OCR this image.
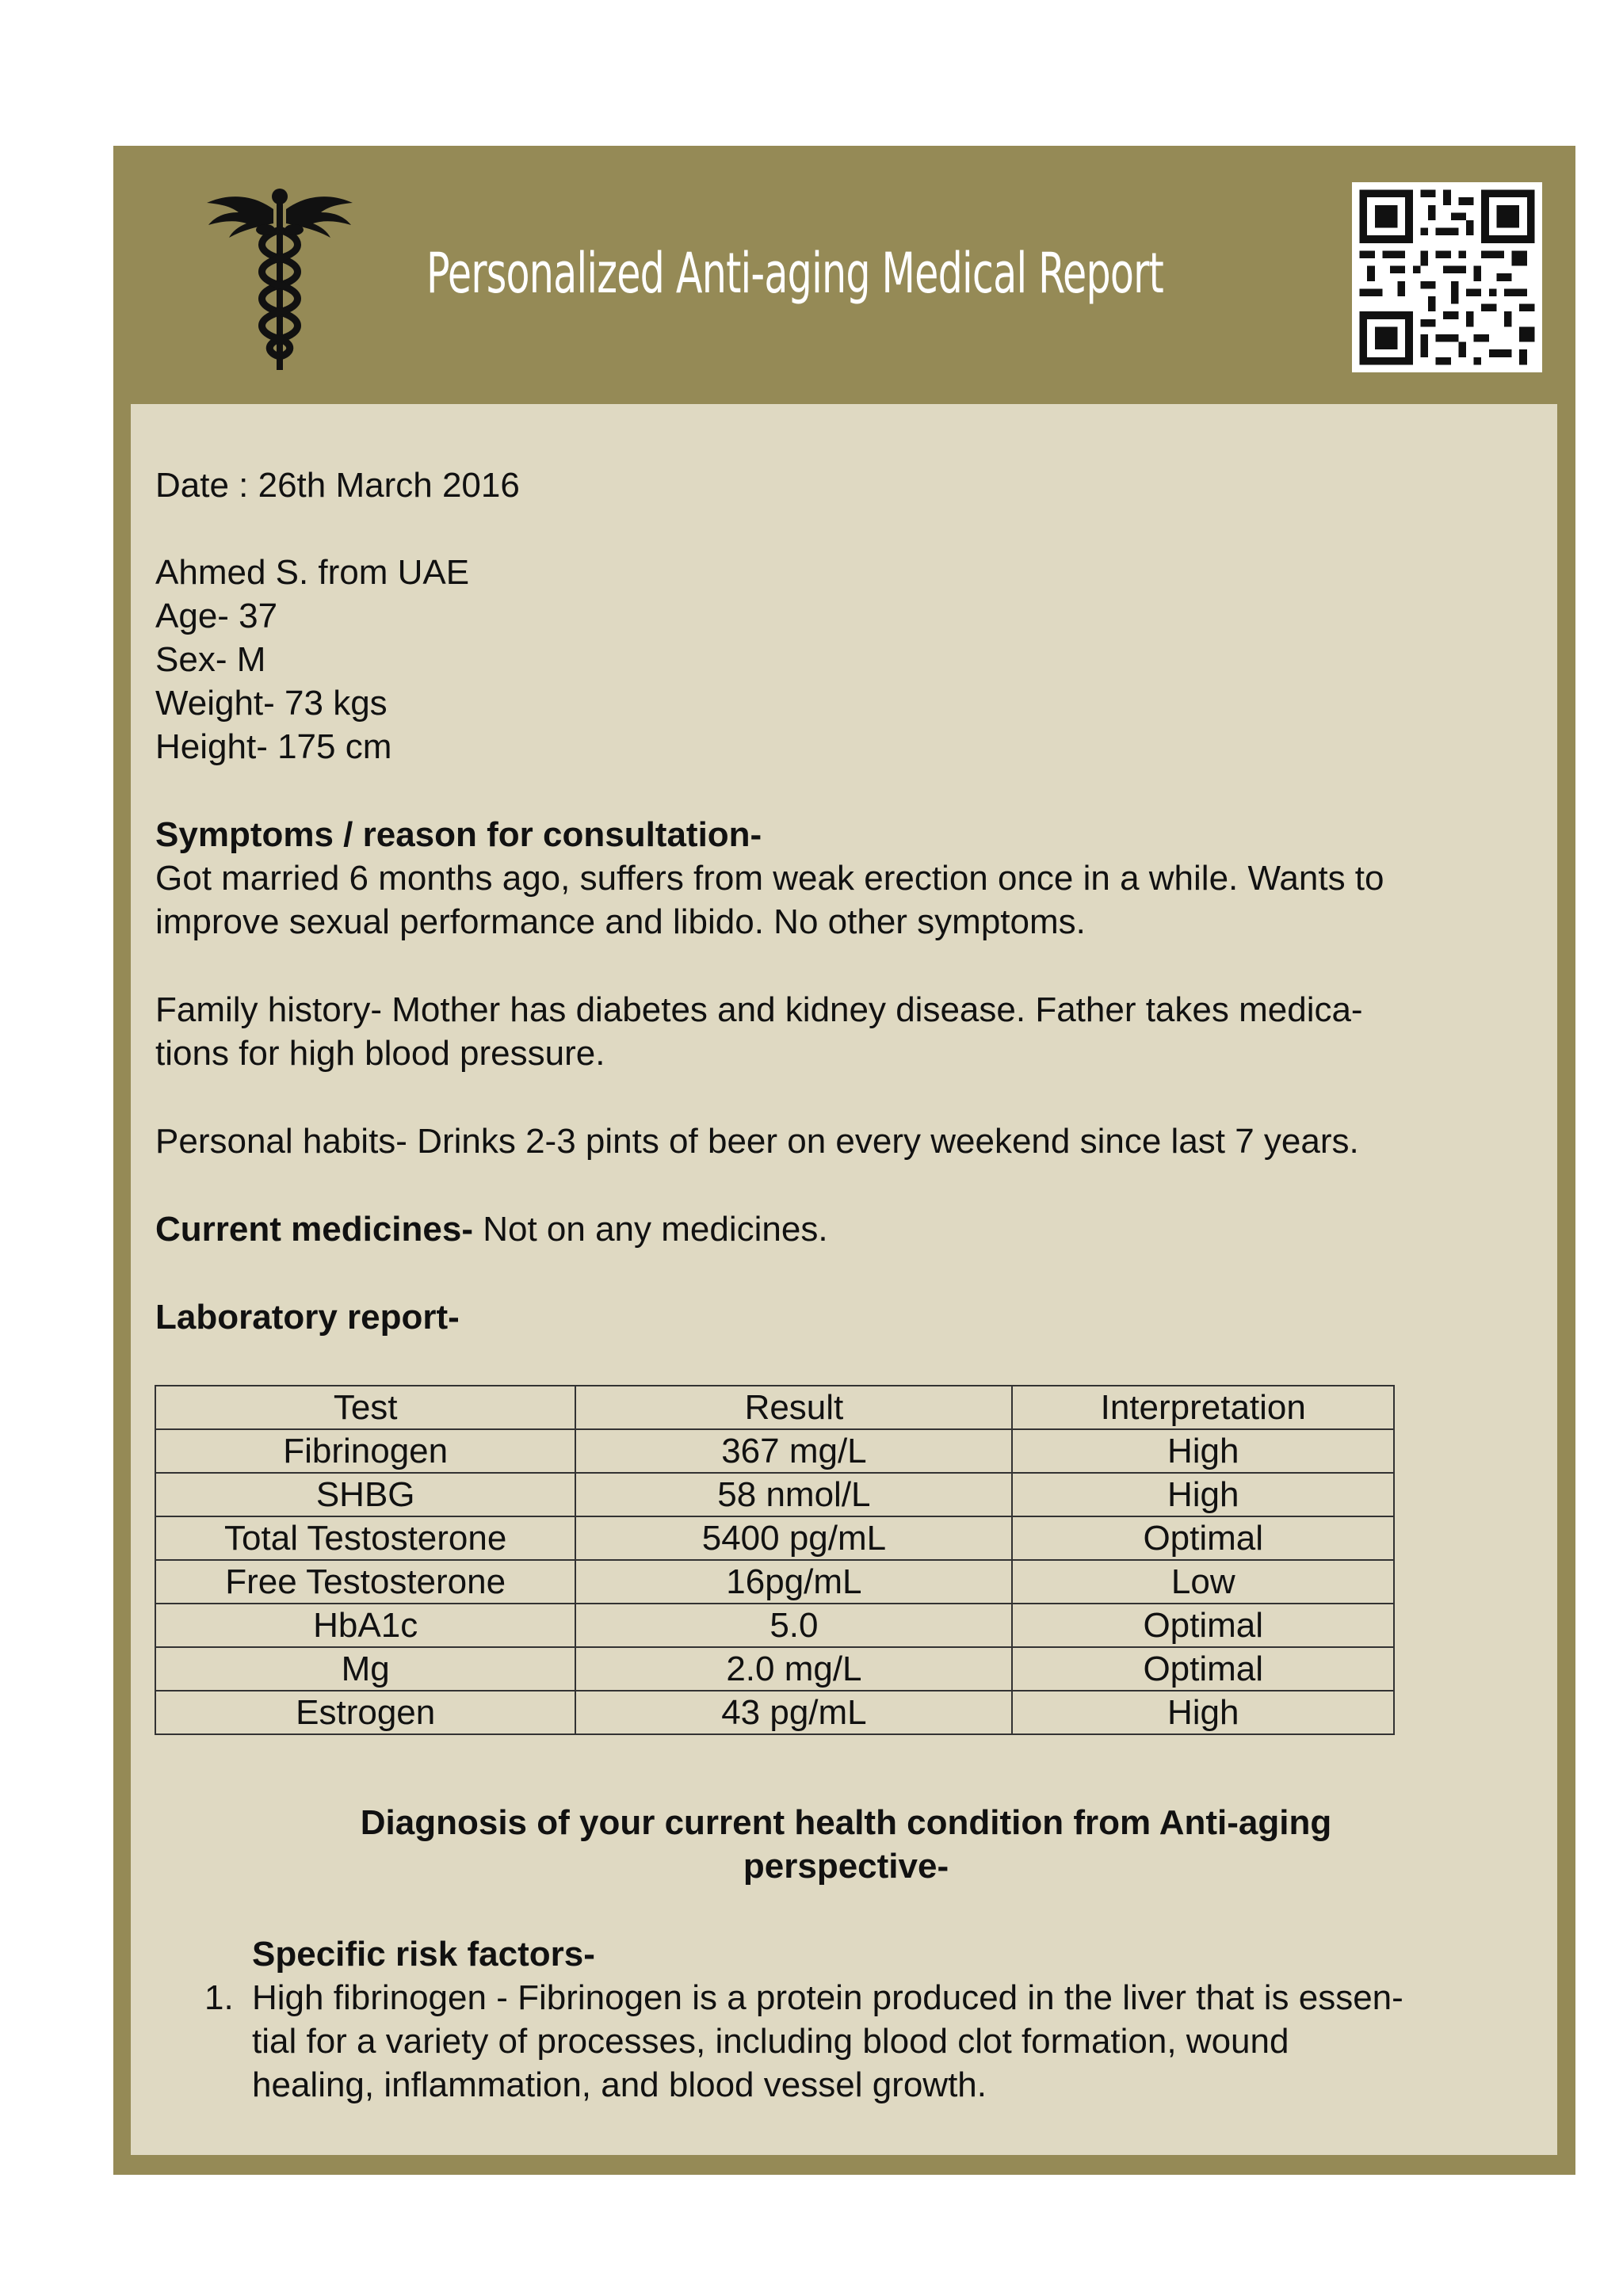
Personalized Anti-aging Medical Report
Date : 26th March 2016
Ahmed S. from UAE
Age- 37
Sex- M
Weight- 73 kgs
Height- 175 cm
Symptoms / reason for consultation-
Got married 6 months ago, suffers from weak erection once in a while. Wants to
improve sexual performance and libido. No other symptoms.
Family history- Mother has diabetes and kidney disease. Father takes medica-
tions for high blood pressure.
Personal habits- Drinks 2-3 pints of beer on every weekend since last 7 years.
Current medicines- Not on any medicines.
Laboratory report-
Test	Result	Interpretation
Fibrinogen	367 mg/L	High
SHBG	58 nmol/L	High
Total Testosterone	5400 pg/mL	Optimal
Free Testosterone	16pg/mL	Low
HbA1c	5.0	Optimal
Mg	2.0 mg/L	Optimal
Estrogen	43 pg/mL	High
Diagnosis of your current health condition from Anti-aging
perspective-
Specific risk factors-
1. High fibrinogen - Fibrinogen is a protein produced in the liver that is essen-
tial for a variety of processes, including blood clot formation, wound
healing, inflammation, and blood vessel growth.
